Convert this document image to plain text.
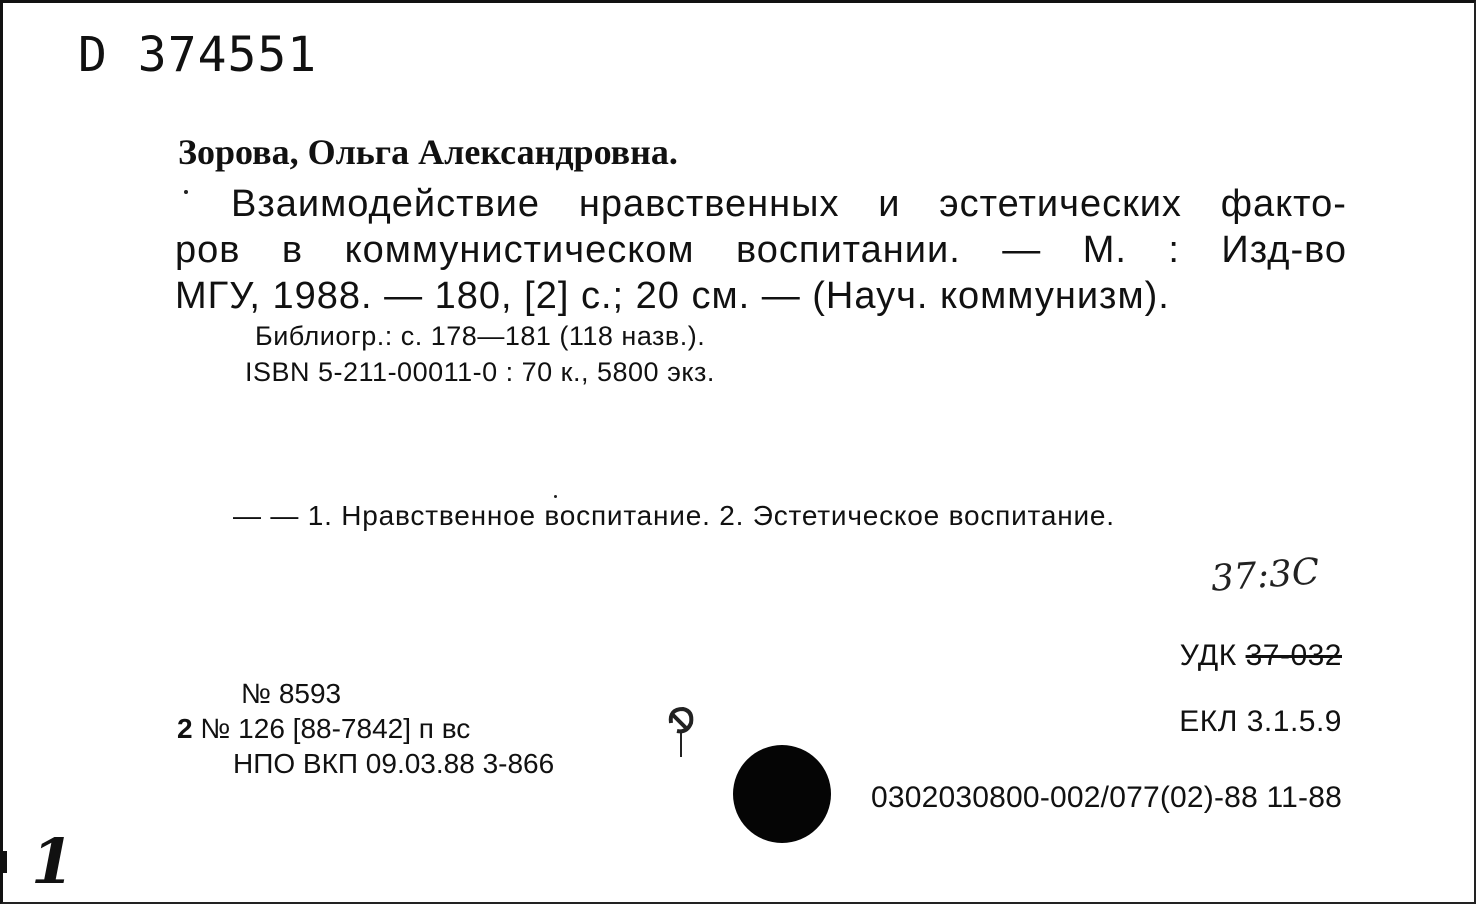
D 374551
Зорова, Ольга Александровна.
Взаимодействие нравственных и эстетических факто-
ров в коммунистическом воспитании. — М. : Изд-во
МГУ, 1988. — 180, [2] с.; 20 см. — (Науч. коммунизм).
Библиогр.: с. 178—181 (118 назв.).
ISBN 5-211-00011-0 : 70 к., 5800 экз.
— — 1. Нравственное воспитание. 2. Эстетическое воспитание.
37:3С
УДК 37-032
№ 8593
2 № 126 [88-7842] п вс
НПО ВКП 09.03.88 3-866
ЕКЛ 3.1.5.9
0302030800-002/077(02)-88 11-88
1
